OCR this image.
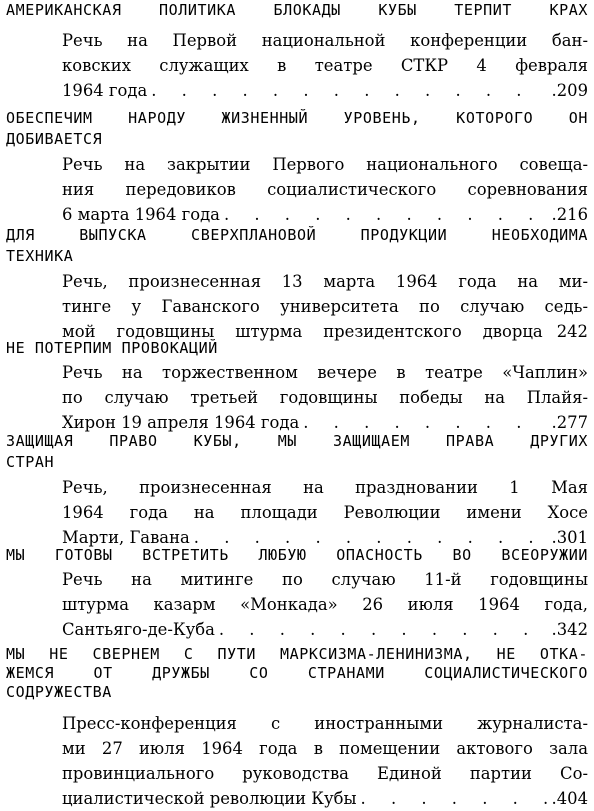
АМЕРИКАНСКАЯ ПОЛИТИКА БЛОКАДЫ КУБЫ ТЕРПИТ КРАХ

Речь на Первой национальной конференции бан-
ковских служащих в театре СТКР 4 февраля
1964 года . . .	.209

ОБЕСПЕЧИМ НАРОДУ ЖИЗНЕННЫЙ УРОВЕНЬ, КОТОРОГО ОН
ДОБИВАЕТСЯ

Речь на закрытии Первого национального совеща-
ния передовиков социалистического соревнования
6 марта 1964 года . . .	.216

ДЛЯ ВЫПУСКА СВЕРХПЛАНОВОЙ ПРОДУКЦИИ НЕОБХОДИМА
ТЕХНИКА

Речь, произнесенная 13 марта 1964 года на ми-
тинге у Гаванского университета по случаю седь-
мой годовщины штурма президентского дворца 242

НЕ ПОТЕРПИМ ПРОВОКАЦИЙ

Речь на торжественном вечере в театре «Чаплин»
по случаю третьей годовщины победы на Плайя-
Хирон 19 апреля 1964 года . . .	.277

ЗАЩИЩАЯ ПРАВО КУБЫ, МЫ ЗАЩИЩАЕМ ПРАВА ДРУГИХ
СТРАН

Речь, произнесенная на праздновании 1 Мая
1964 года на площади Революции имени Хосе
Марти, Гавана . . .	.301

МЫ ГОТОВЫ ВСТРЕТИТЬ ЛЮБУЮ ОПАСНОСТЬ ВО ВСЕОРУЖИИ

Речь на митинге по случаю 11-й годовщины
штурма казарм «Монкада» 26 июля 1964 года,
Сантьяго-де-Куба . . .	.342

МЫ НЕ СВЕРНЕМ С ПУТИ МАРКСИЗМА-ЛЕНИНИЗМА, НЕ ОТКА-
ЖЕМСЯ ОТ ДРУЖБЫ СО СТРАНАМИ СОЦИАЛИСТИЧЕСКОГО
СОДРУЖЕСТВА

Пресс-конференция с иностранными журналиста-
ми 27 июля 1964 года в помещении актового зала
провинциального руководства Единой партии Со-
циалистической революции Кубы . . .	.404
